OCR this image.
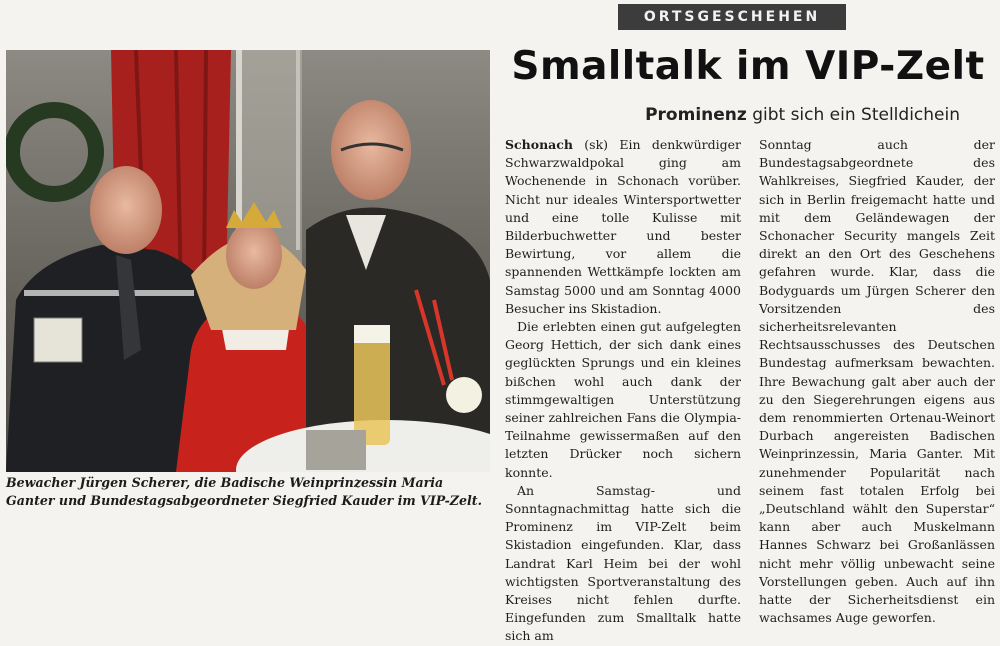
ORTSGESCHEHEN
Bewacher Jürgen Scherer, die Badische Weinprinzessin Maria Ganter und Bundestagsabgeordneter Siegfried Kauder im VIP-Zelt.
Smalltalk im VIP-Zelt
Prominenz gibt sich ein Stelldichein

Schonach (sk) Ein denkwürdiger Schwarzwaldpokal ging am Wochenende in Schonach vorüber. Nicht nur ideales Wintersportwetter und eine tolle Kulisse mit Bilderbuchwetter und bester Bewirtung, vor allem die spannenden Wettkämpfe lockten am Samstag 5000 und am Sonntag 4000 Besucher ins Skistadion.

Die erlebten einen gut aufgelegten Georg Hettich, der sich dank eines geglückten Sprungs und ein kleines bißchen wohl auch dank der stimmgewaltigen Unterstützung seiner zahlreichen Fans die Olympia-Teilnahme gewissermaßen auf den letzten Drücker noch sichern konnte.

An Samstag- und Sonntagnachmittag hatte sich die Prominenz im VIP-Zelt beim Skistadion eingefunden. Klar, dass Landrat Karl Heim bei der wohl wichtigsten Sportveranstaltung des Kreises nicht fehlen durfte. Eingefunden zum Smalltalk hatte sich am

Sonntag auch der Bundestagsabgeordnete des Wahlkreises, Siegfried Kauder, der sich in Berlin freigemacht hatte und mit dem Geländewagen der Schonacher Security mangels Zeit direkt an den Ort des Geschehens gefahren wurde. Klar, dass die Bodyguards um Jürgen Scherer den Vorsitzenden des sicherheitsrelevanten Rechtsausschusses des Deutschen Bundestag aufmerksam bewachten. Ihre Bewachung galt aber auch der zu den Siegerehrungen eigens aus dem renommierten Ortenau-Weinort Durbach angereisten Badischen Weinprinzessin, Maria Ganter. Mit zunehmender Popularität nach seinem fast totalen Erfolg bei „Deutschland wählt den Superstar“ kann aber auch Muskelmann Hannes Schwarz bei Großanlässen nicht mehr völlig unbewacht seine Vorstellungen geben. Auch auf ihn hatte der Sicherheitsdienst ein wachsames Auge geworfen.
